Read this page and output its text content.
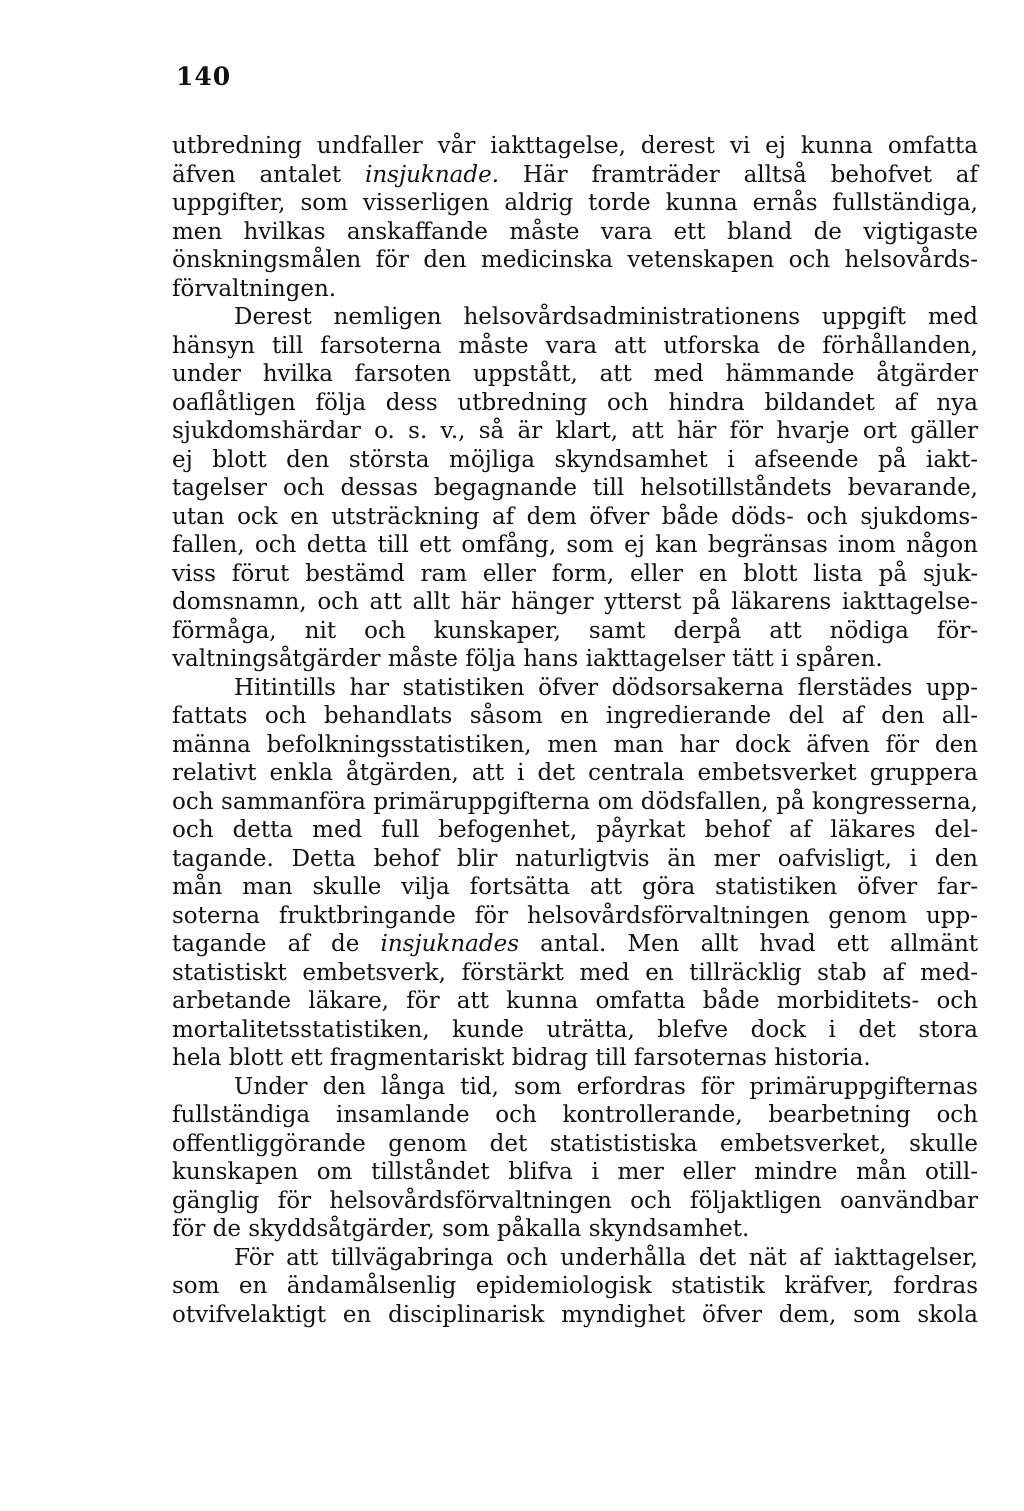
140
utbredning undfaller vår iakttagelse, derest vi ej kunna omfatta
äfven antalet insjuknade. Här framträder alltså behofvet af
uppgifter, som visserligen aldrig torde kunna ernås fullständiga,
men hvilkas anskaffande måste vara ett bland de vigtigaste
önskningsmålen för den medicinska vetenskapen och helsovårds-
förvaltningen.
Derest nemligen helsovårdsadministrationens uppgift med
hänsyn till farsoterna måste vara att utforska de förhållanden,
under hvilka farsoten uppstått, att med hämmande åtgärder
oaflåtligen följa dess utbredning och hindra bildandet af nya
sjukdomshärdar o. s. v., så är klart, att här för hvarje ort gäller
ej blott den största möjliga skyndsamhet i afseende på iakt-
tagelser och dessas begagnande till helsotillståndets bevarande,
utan ock en utsträckning af dem öfver både döds- och sjukdoms-
fallen, och detta till ett omfång, som ej kan begränsas inom någon
viss förut bestämd ram eller form, eller en blott lista på sjuk-
domsnamn, och att allt här hänger ytterst på läkarens iakttagelse-
förmåga, nit och kunskaper, samt derpå att nödiga för-
valtningsåtgärder måste följa hans iakttagelser tätt i spåren.
Hitintills har statistiken öfver dödsorsakerna flerstädes upp-
fattats och behandlats såsom en ingredierande del af den all-
männa befolkningsstatistiken, men man har dock äfven för den
relativt enkla åtgärden, att i det centrala embetsverket gruppera
och sammanföra primäruppgifterna om dödsfallen, på kongresserna,
och detta med full befogenhet, påyrkat behof af läkares del-
tagande. Detta behof blir naturligtvis än mer oafvisligt, i den
mån man skulle vilja fortsätta att göra statistiken öfver far-
soterna fruktbringande för helsovårdsförvaltningen genom upp-
tagande af de insjuknades antal. Men allt hvad ett allmänt
statistiskt embetsverk, förstärkt med en tillräcklig stab af med-
arbetande läkare, för att kunna omfatta både morbiditets- och
mortalitetsstatistiken, kunde uträtta, blefve dock i det stora
hela blott ett fragmentariskt bidrag till farsoternas historia.
Under den långa tid, som erfordras för primäruppgifternas
fullständiga insamlande och kontrollerande, bearbetning och
offentliggörande genom det statististiska embetsverket, skulle
kunskapen om tillståndet blifva i mer eller mindre mån otill-
gänglig för helsovårdsförvaltningen och följaktligen oanvändbar
för de skyddsåtgärder, som påkalla skyndsamhet.
För att tillvägabringa och underhålla det nät af iakttagelser,
som en ändamålsenlig epidemiologisk statistik kräfver, fordras
otvifvelaktigt en disciplinarisk myndighet öfver dem, som skola
